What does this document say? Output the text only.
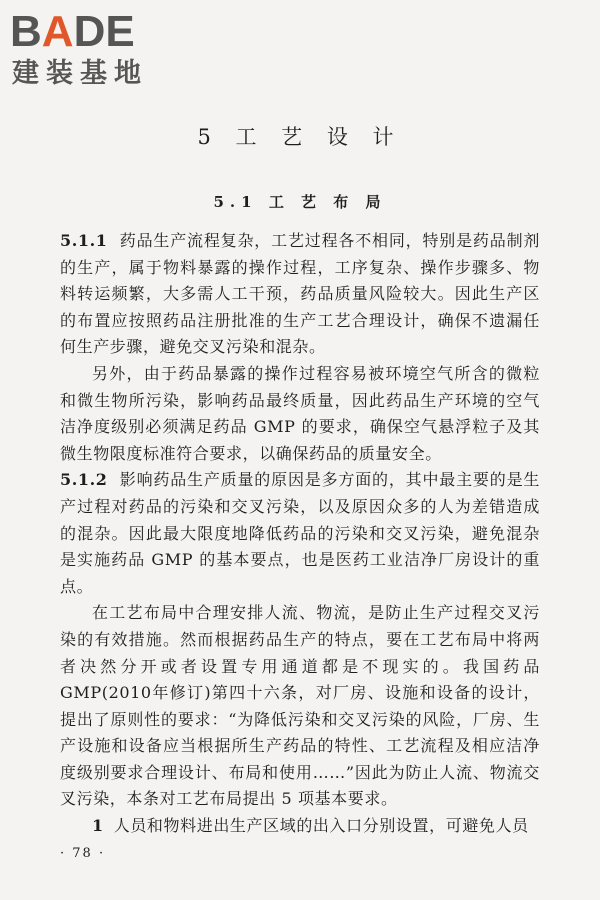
BADE
建装基地
5 工 艺 设 计
5.1 工 艺 布 局

5.1.1 药品生产流程复杂，工艺过程各不相同，特别是药品制剂的生产，属于物料暴露的操作过程，工序复杂、操作步骤多、物料转运频繁，大多需人工干预，药品质量风险较大。因此生产区的布置应按照药品注册批准的生产工艺合理设计，确保不遗漏任何生产步骤，避免交叉污染和混杂。

另外，由于药品暴露的操作过程容易被环境空气所含的微粒和微生物所污染，影响药品最终质量，因此药品生产环境的空气洁净度级别必须满足药品 GMP 的要求，确保空气悬浮粒子及其微生物限度标准符合要求，以确保药品的质量安全。

5.1.2 影响药品生产质量的原因是多方面的，其中最主要的是生产过程对药品的污染和交叉污染，以及原因众多的人为差错造成的混杂。因此最大限度地降低药品的污染和交叉污染，避免混杂是实施药品 GMP 的基本要点，也是医药工业洁净厂房设计的重点。

在工艺布局中合理安排人流、物流，是防止生产过程交叉污染的有效措施。然而根据药品生产的特点，要在工艺布局中将两者决然分开或者设置专用通道都是不现实的。我国药品 GMP(2010年修订)第四十六条，对厂房、设施和设备的设计，提出了原则性的要求：“为降低污染和交叉污染的风险，厂房、生产设施和设备应当根据所生产药品的特性、工艺流程及相应洁净度级别要求合理设计、布局和使用……”因此为防止人流、物流交叉污染，本条对工艺布局提出 5 项基本要求。

1 人员和物料进出生产区域的出入口分别设置，可避免人员

· 78 ·
